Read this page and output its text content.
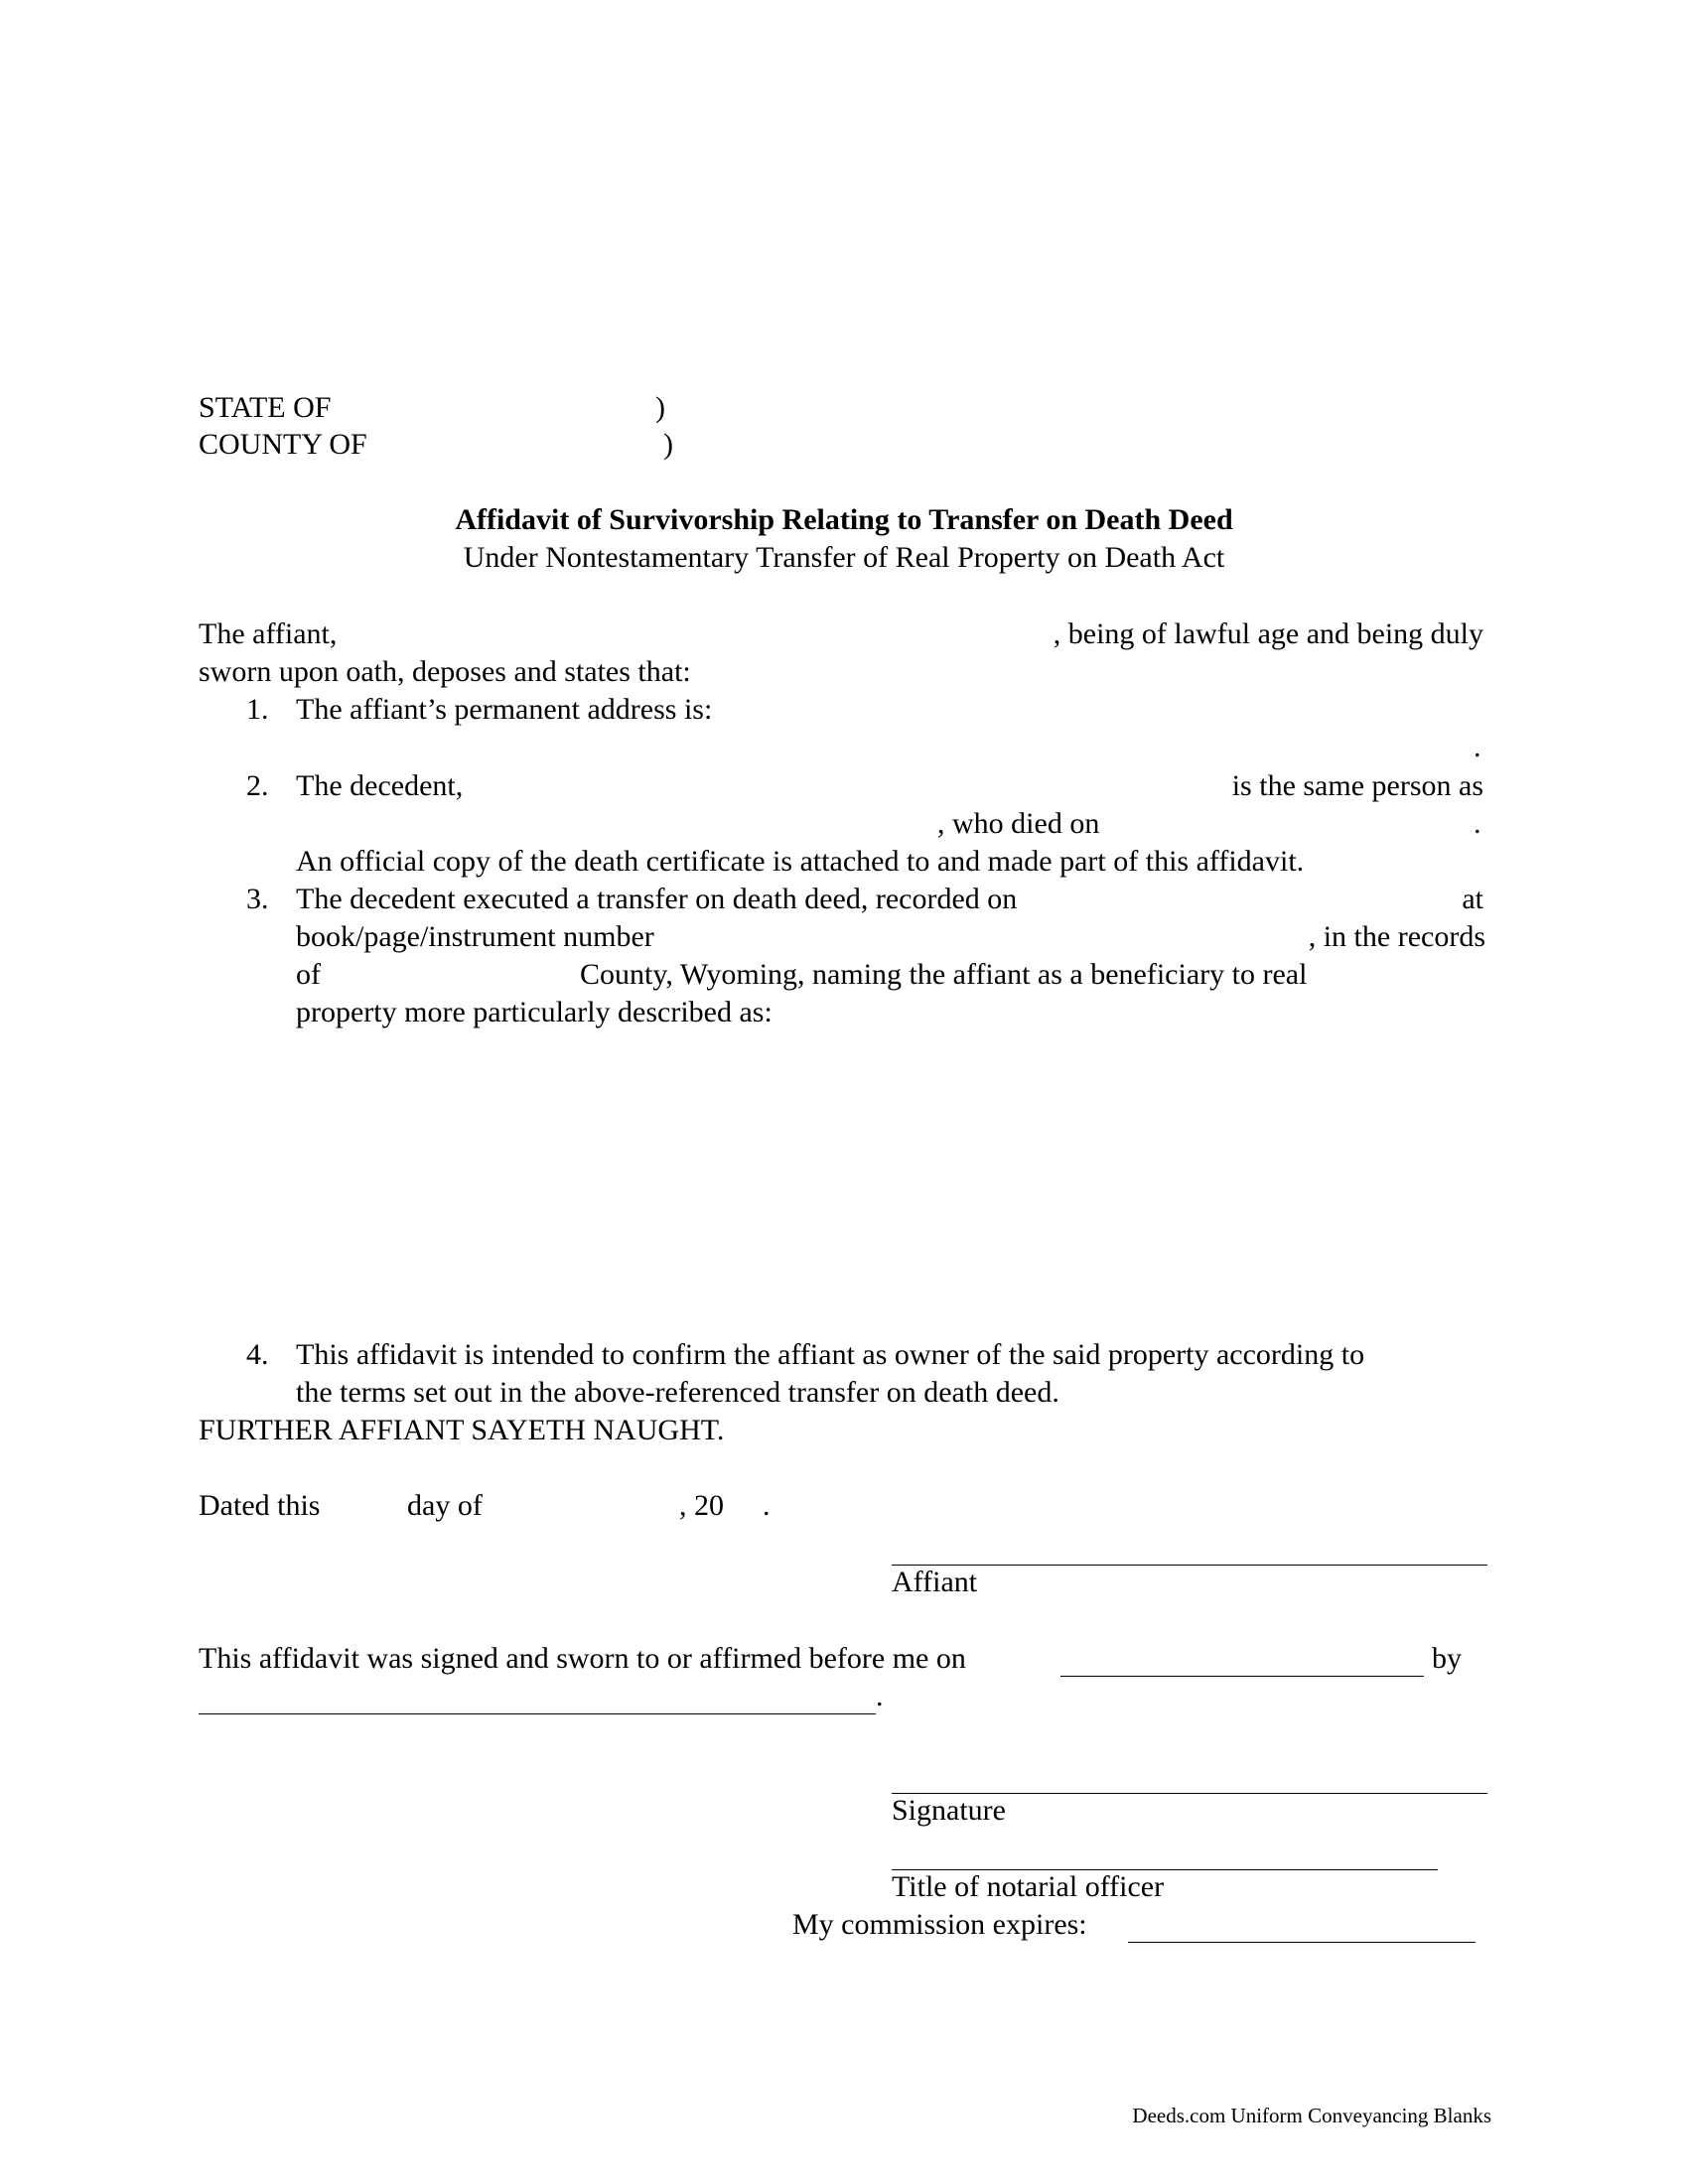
STATE OF	)
COUNTY OF	)
Affidavit of Survivorship Relating to Transfer on Death Deed
Under Nontestamentary Transfer of Real Property on Death Act
The affiant,	, being of lawful age and being duly
sworn upon oath, deposes and states that:
1. The affiant’s permanent address is:
.
2. The decedent,	is the same person as
, who died on	.
An official copy of the death certificate is attached to and made part of this affidavit.
3. The decedent executed a transfer on death deed, recorded on	at
book/page/instrument number	, in the records
of	County, Wyoming, naming the affiant as a beneficiary to real
property more particularly described as:
4. This affidavit is intended to confirm the affiant as owner of the said property according to
the terms set out in the above-referenced transfer on death deed.
FURTHER AFFIANT SAYETH NAUGHT.
Dated this	day of	, 20 .
Affiant
This affidavit was signed and sworn to or affirmed before me on	by
.
Signature
Title of notarial officer
My commission expires:
Deeds.com Uniform Conveyancing Blanks
